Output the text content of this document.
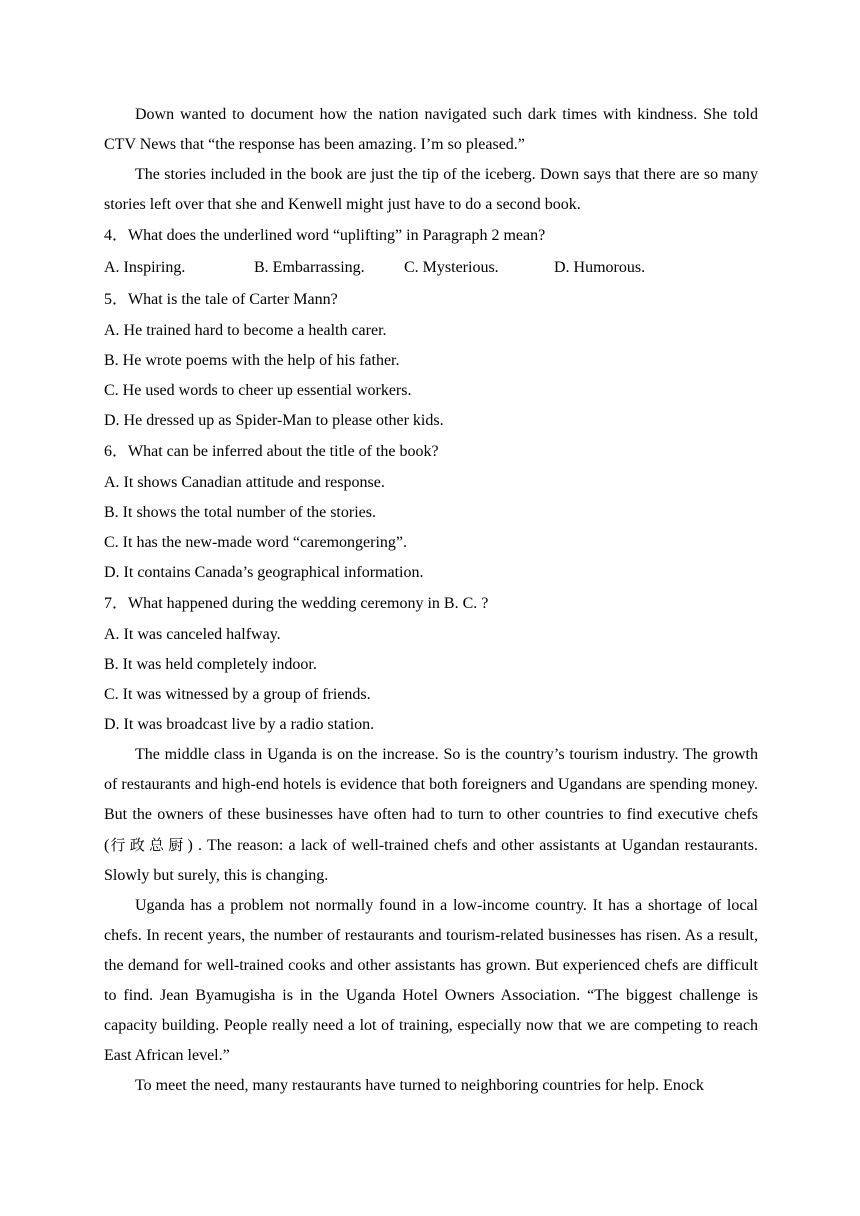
Down wanted to document how the nation navigated such dark times with kindness. She told CTV News that “the response has been amazing. I’m so pleased.”

The stories included in the book are just the tip of the iceberg. Down says that there are so many stories left over that she and Kenwell might just have to do a second book.

4．What does the underlined word “uplifting” in Paragraph 2 mean?

A. Inspiring.	B. Embarrassing.	C. Mysterious.	D. Humorous.

5．What is the tale of Carter Mann?

A. He trained hard to become a health carer.

B. He wrote poems with the help of his father.

C. He used words to cheer up essential workers.

D. He dressed up as Spider-Man to please other kids.

6．What can be inferred about the title of the book?

A. It shows Canadian attitude and response.

B. It shows the total number of the stories.

C. It has the new-made word “caremongering”.

D. It contains Canada’s geographical information.

7．What happened during the wedding ceremony in B. C. ?

A. It was canceled halfway.

B. It was held completely indoor.

C. It was witnessed by a group of friends.

D. It was broadcast live by a radio station.

The middle class in Uganda is on the increase. So is the country’s tourism industry. The growth of restaurants and high-end hotels is evidence that both foreigners and Ugandans are spending money. But the owners of these businesses have often had to turn to other countries to find executive chefs (行政总厨) . The reason: a lack of well-trained chefs and other assistants at Ugandan restaurants. Slowly but surely, this is changing.

Uganda has a problem not normally found in a low-income country. It has a shortage of local chefs. In recent years, the number of restaurants and tourism-related businesses has risen. As a result, the demand for well-trained cooks and other assistants has grown. But experienced chefs are difficult to find. Jean Byamugisha is in the Uganda Hotel Owners Association. “The biggest challenge is capacity building. People really need a lot of training, especially now that we are competing to reach East African level.”

To meet the need, many restaurants have turned to neighboring countries for help. Enock
